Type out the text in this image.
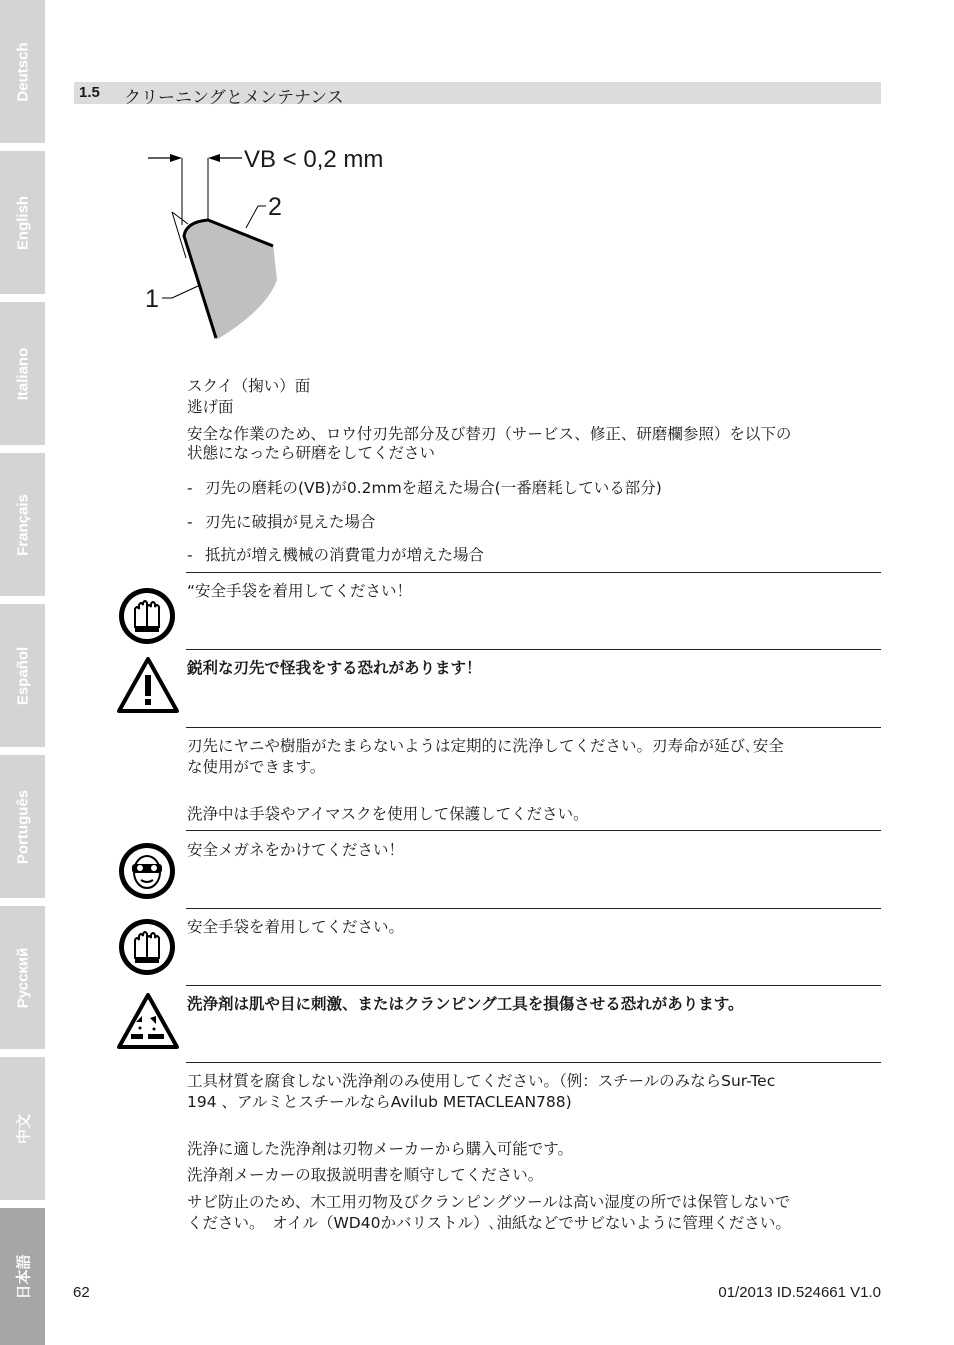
Deutsch
English
Italiano
Français
Español
Português
Русский
中文
日本語
1.5 クリーニングとメンテナンス
VB < 0,2 mm
2
1
スクイ（掬い）面
逃げ面
安全な作業のため、ロウ付刃先部分及び替刃（サービス、修正、研磨欄参照）を以下の
状態になったら研磨をしてください
- 刃先の磨耗の(VB)が0.2mmを超えた場合(一番磨耗している部分)
- 刃先に破損が見えた場合
- 抵抗が増え機械の消費電力が増えた場合
“安全手袋を着用してください！
鋭利な刃先で怪我をする恐れがあります！
刃先にヤニや樹脂がたまらないようは定期的に洗浄してください。刃寿命が延び､安全
な使用ができます。
洗浄中は手袋やアイマスクを使用して保護してください。
安全メガネをかけてください！
安全手袋を着用してください。
洗浄剤は肌や目に刺激、またはクランピング工具を損傷させる恐れがあります。
工具材質を腐食しない洗浄剤のみ使用してください。（例：スチールのみならSur-Tec
194 、アルミとスチールならAvilub METACLEAN788)
洗浄に適した洗浄剤は刃物メーカーから購入可能です。
洗浄剤メーカーの取扱説明書を順守してください。
サビ防止のため、木工用刃物及びクランピングツールは高い湿度の所では保管しないで
ください。　オイル（WD40かバリストル）､油紙などでサビないように管理ください。
62	01/2013 ID.524661 V1.0
